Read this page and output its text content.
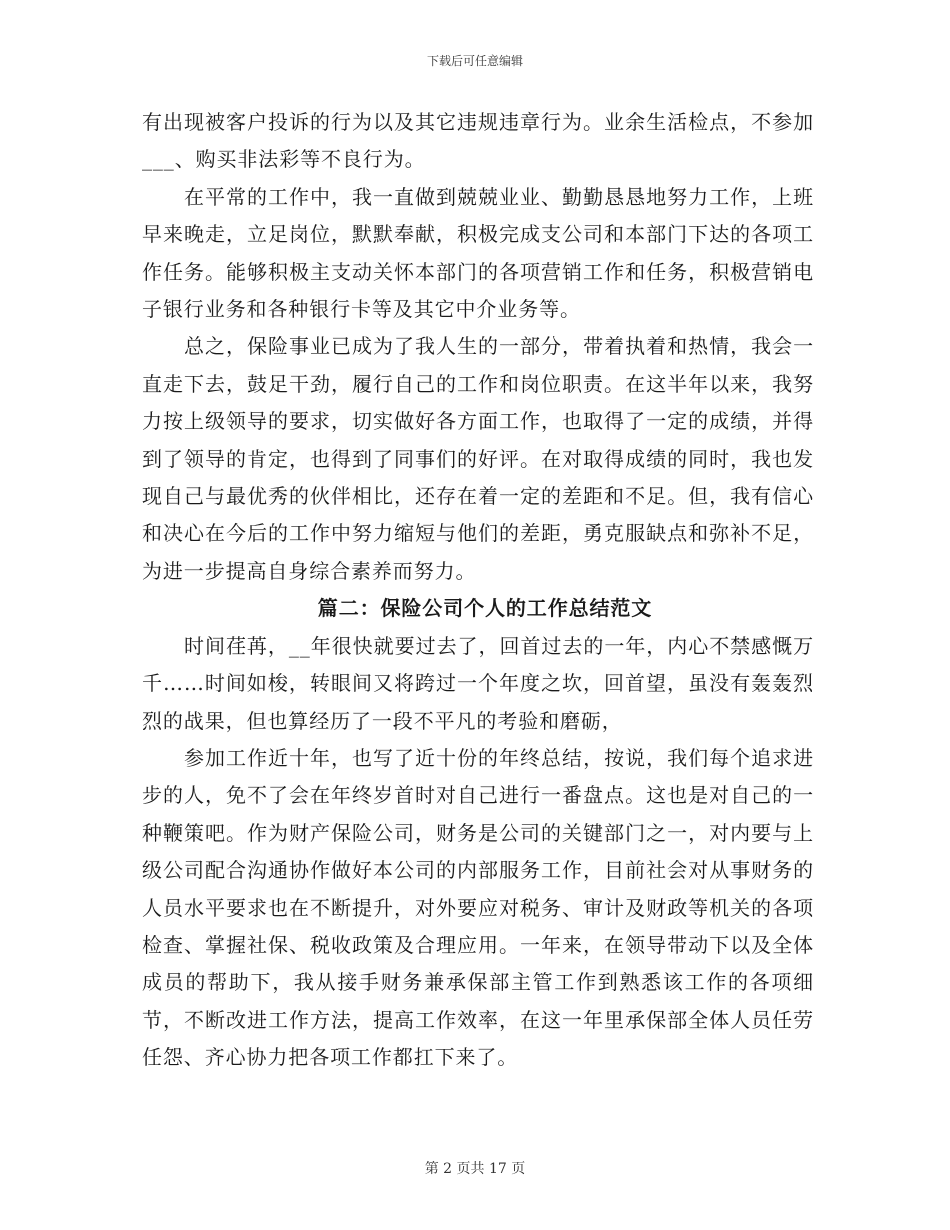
下载后可任意编辑

有出现被客户投诉的行为以及其它违规违章行为。业余生活检点，不参加___、购买非法彩等不良行为。

在平常的工作中，我一直做到兢兢业业、勤勤恳恳地努力工作，上班早来晚走，立足岗位，默默奉献，积极完成支公司和本部门下达的各项工作任务。能够积极主支动关怀本部门的各项营销工作和任务，积极营销电子银行业务和各种银行卡等及其它中介业务等。

总之，保险事业已成为了我人生的一部分，带着执着和热情，我会一直走下去，鼓足干劲，履行自己的工作和岗位职责。在这半年以来，我努力按上级领导的要求，切实做好各方面工作，也取得了一定的成绩，并得到了领导的肯定，也得到了同事们的好评。在对取得成绩的同时，我也发现自己与最优秀的伙伴相比，还存在着一定的差距和不足。但，我有信心和决心在今后的工作中努力缩短与他们的差距，勇克服缺点和弥补不足，为进一步提高自身综合素养而努力。

篇二：保险公司个人的工作总结范文

时间荏苒，__年很快就要过去了，回首过去的一年，内心不禁感慨万千……时间如梭，转眼间又将跨过一个年度之坎，回首望，虽没有轰轰烈烈的战果，但也算经历了一段不平凡的考验和磨砺，

参加工作近十年，也写了近十份的年终总结，按说，我们每个追求进步的人，免不了会在年终岁首时对自己进行一番盘点。这也是对自己的一种鞭策吧。作为财产保险公司，财务是公司的关键部门之一，对内要与上级公司配合沟通协作做好本公司的内部服务工作，目前社会对从事财务的人员水平要求也在不断提升，对外要应对税务、审计及财政等机关的各项检查、掌握社保、税收政策及合理应用。一年来，在领导带动下以及全体成员的帮助下，我从接手财务兼承保部主管工作到熟悉该工作的各项细节，不断改进工作方法，提高工作效率，在这一年里承保部全体人员任劳任怨、齐心协力把各项工作都扛下来了。

第 2 页共 17 页
